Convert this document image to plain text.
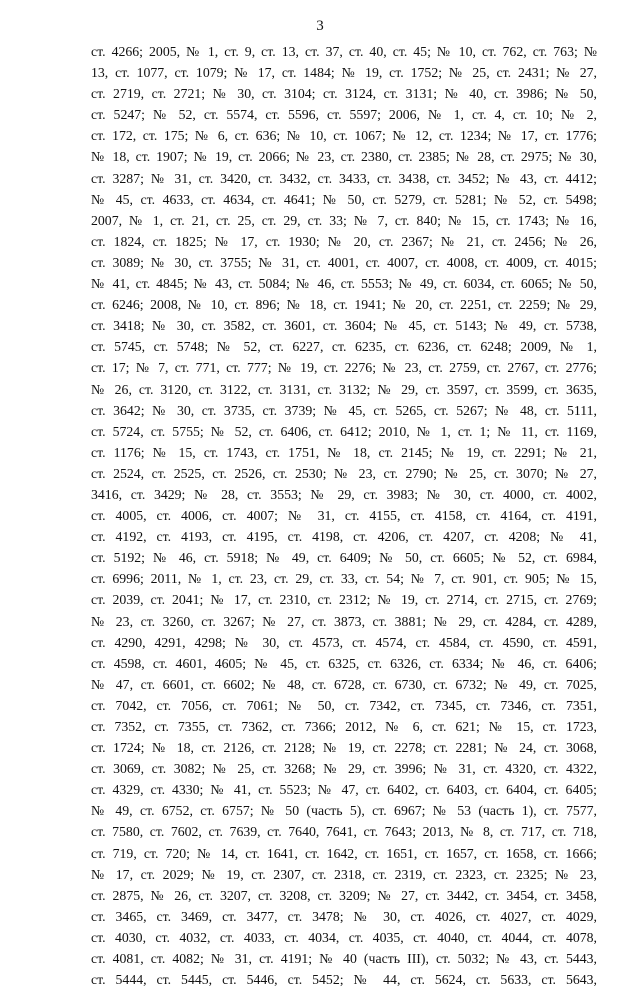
3
ст. 4266; 2005, № 1, ст. 9, ст. 13, ст. 37, ст. 40, ст. 45; № 10, ст. 762, ст. 763; №
13, ст. 1077, ст. 1079; № 17, ст. 1484; № 19, ст. 1752; № 25, ст. 2431; № 27,
ст. 2719, ст. 2721; № 30, ст. 3104; ст. 3124, ст. 3131; № 40, ст. 3986; № 50,
ст. 5247; № 52, ст. 5574, ст. 5596, ст. 5597; 2006, № 1, ст. 4, ст. 10; № 2,
ст. 172, ст. 175; № 6, ст. 636; № 10, ст. 1067; № 12, ст. 1234; № 17, ст. 1776;
№ 18, ст. 1907; № 19, ст. 2066; № 23, ст. 2380, ст. 2385; № 28, ст. 2975; № 30,
ст. 3287; № 31, ст. 3420, ст. 3432, ст. 3433, ст. 3438, ст. 3452; № 43, ст. 4412;
№ 45, ст. 4633, ст. 4634, ст. 4641; № 50, ст. 5279, ст. 5281; № 52, ст. 5498;
2007, № 1, ст. 21, ст. 25, ст. 29, ст. 33; № 7, ст. 840; № 15, ст. 1743; № 16,
ст. 1824, ст. 1825; № 17, ст. 1930; № 20, ст. 2367; № 21, ст. 2456; № 26,
ст. 3089; № 30, ст. 3755; № 31, ст. 4001, ст. 4007, ст. 4008, ст. 4009, ст. 4015;
№ 41, ст. 4845; № 43, ст. 5084; № 46, ст. 5553; № 49, ст. 6034, ст. 6065; № 50,
ст. 6246; 2008, № 10, ст. 896; № 18, ст. 1941; № 20, ст. 2251, ст. 2259; № 29,
ст. 3418; № 30, ст. 3582, ст. 3601, ст. 3604; № 45, ст. 5143; № 49, ст. 5738,
ст. 5745, ст. 5748; № 52, ст. 6227, ст. 6235, ст. 6236, ст. 6248; 2009, № 1,
ст. 17; № 7, ст. 771, ст. 777; № 19, ст. 2276; № 23, ст. 2759, ст. 2767, ст. 2776;
№ 26, ст. 3120, ст. 3122, ст. 3131, ст. 3132; № 29, ст. 3597, ст. 3599, ст. 3635,
ст. 3642; № 30, ст. 3735, ст. 3739; № 45, ст. 5265, ст. 5267; № 48, ст. 5111,
ст. 5724, ст. 5755; № 52, ст. 6406, ст. 6412; 2010, № 1, ст. 1; № 11, ст. 1169,
ст. 1176; № 15, ст. 1743, ст. 1751, № 18, ст. 2145; № 19, ст. 2291; № 21,
ст. 2524, ст. 2525, ст. 2526, ст. 2530; № 23, ст. 2790; № 25, ст. 3070; № 27,
3416, ст. 3429; № 28, ст. 3553; № 29, ст. 3983; № 30, ст. 4000, ст. 4002,
ст. 4005, ст. 4006, ст. 4007; № 31, ст. 4155, ст. 4158, ст. 4164, ст. 4191,
ст. 4192, ст. 4193, ст. 4195, ст. 4198, ст. 4206, ст. 4207, ст. 4208; № 41,
ст. 5192; № 46, ст. 5918; № 49, ст. 6409; № 50, ст. 6605; № 52, ст. 6984,
ст. 6996; 2011, № 1, ст. 23, ст. 29, ст. 33, ст. 54; № 7, ст. 901, ст. 905; № 15,
ст. 2039, ст. 2041; № 17, ст. 2310, ст. 2312; № 19, ст. 2714, ст. 2715, ст. 2769;
№ 23, ст. 3260, ст. 3267; № 27, ст. 3873, ст. 3881; № 29, ст. 4284, ст. 4289,
ст. 4290, 4291, 4298; № 30, ст. 4573, ст. 4574, ст. 4584, ст. 4590, ст. 4591,
ст. 4598, ст. 4601, 4605; № 45, ст. 6325, ст. 6326, ст. 6334; № 46, ст. 6406;
№ 47, ст. 6601, ст. 6602; № 48, ст. 6728, ст. 6730, ст. 6732; № 49, ст. 7025,
ст. 7042, ст. 7056, ст. 7061; № 50, ст. 7342, ст. 7345, ст. 7346, ст. 7351,
ст. 7352, ст. 7355, ст. 7362, ст. 7366; 2012, № 6, ст. 621; № 15, ст. 1723,
ст. 1724; № 18, ст. 2126, ст. 2128; № 19, ст. 2278; ст. 2281; № 24, ст. 3068,
ст. 3069, ст. 3082; № 25, ст. 3268; № 29, ст. 3996; № 31, ст. 4320, ст. 4322,
ст. 4329, ст. 4330; № 41, ст. 5523; № 47, ст. 6402, ст. 6403, ст. 6404, ст. 6405;
№ 49, ст. 6752, ст. 6757; № 50 (часть 5), ст. 6967; № 53 (часть 1), ст. 7577,
ст. 7580, ст. 7602, ст. 7639, ст. 7640, 7641, ст. 7643; 2013, № 8, ст. 717, ст. 718,
ст. 719, ст. 720; № 14, ст. 1641, ст. 1642, ст. 1651, ст. 1657, ст. 1658, ст. 1666;
№ 17, ст. 2029; № 19, ст. 2307, ст. 2318, ст. 2319, ст. 2323, ст. 2325; № 23,
ст. 2875, № 26, ст. 3207, ст. 3208, ст. 3209; № 27, ст. 3442, ст. 3454, ст. 3458,
ст. 3465, ст. 3469, ст. 3477, ст. 3478; № 30, ст. 4026, ст. 4027, ст. 4029,
ст. 4030, ст. 4032, ст. 4033, ст. 4034, ст. 4035, ст. 4040, ст. 4044, ст. 4078,
ст. 4081, ст. 4082; № 31, ст. 4191; № 40 (часть III), ст. 5032; № 43, ст. 5443,
ст. 5444, ст. 5445, ст. 5446, ст. 5452; № 44, ст. 5624, ст. 5633, ст. 5643,
